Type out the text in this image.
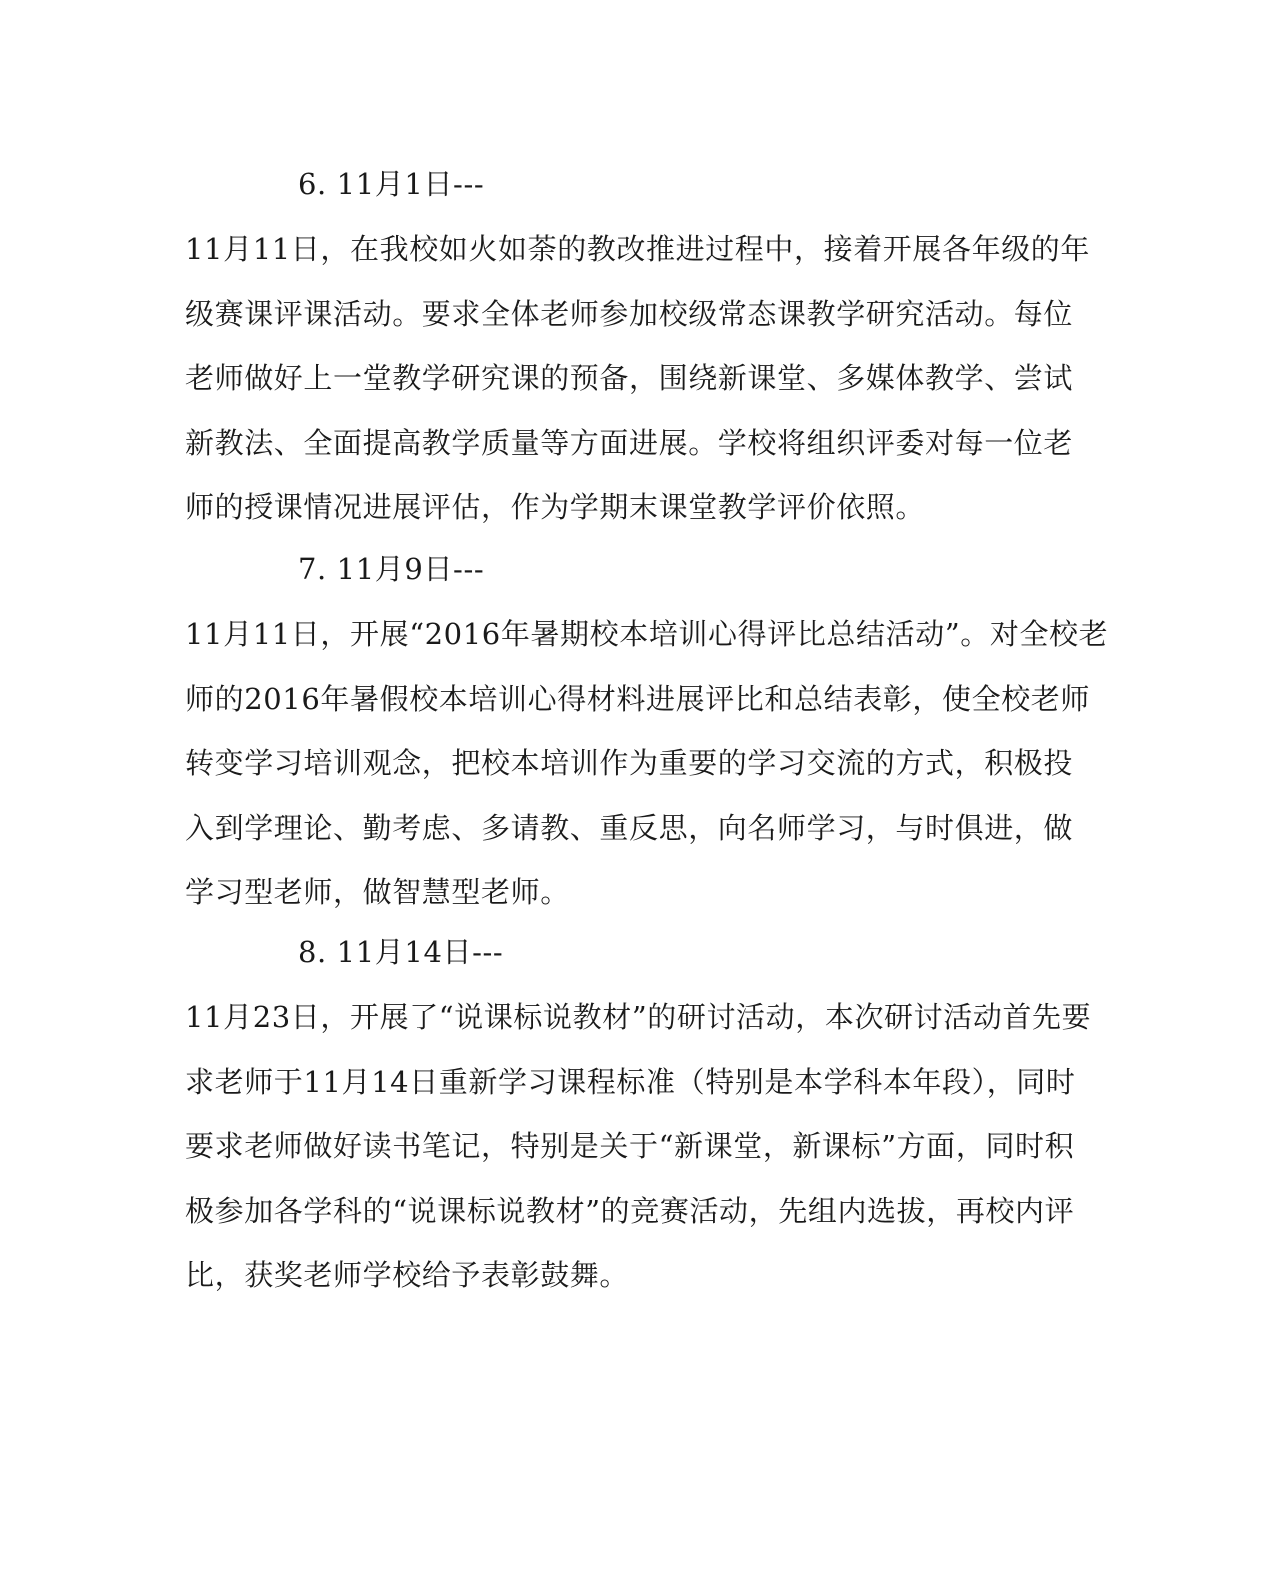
6. 11月1日---
11月11日，在我校如火如荼的教改推进过程中，接着开展各年级的年
级赛课评课活动。要求全体老师参加校级常态课教学研究活动。每位
老师做好上一堂教学研究课的预备，围绕新课堂、多媒体教学、尝试
新教法、全面提高教学质量等方面进展。学校将组织评委对每一位老
师的授课情况进展评估，作为学期末课堂教学评价依照。
7. 11月9日---
11月11日，开展“2016年暑期校本培训心得评比总结活动”。对全校老
师的2016年暑假校本培训心得材料进展评比和总结表彰，使全校老师
转变学习培训观念，把校本培训作为重要的学习交流的方式，积极投
入到学理论、勤考虑、多请教、重反思，向名师学习，与时俱进，做
学习型老师，做智慧型老师。
8. 11月14日---
11月23日，开展了“说课标说教材”的研讨活动，本次研讨活动首先要
求老师于11月14日重新学习课程标准（特别是本学科本年段），同时
要求老师做好读书笔记，特别是关于“新课堂，新课标”方面，同时积
极参加各学科的“说课标说教材”的竞赛活动，先组内选拔，再校内评
比，获奖老师学校给予表彰鼓舞。
